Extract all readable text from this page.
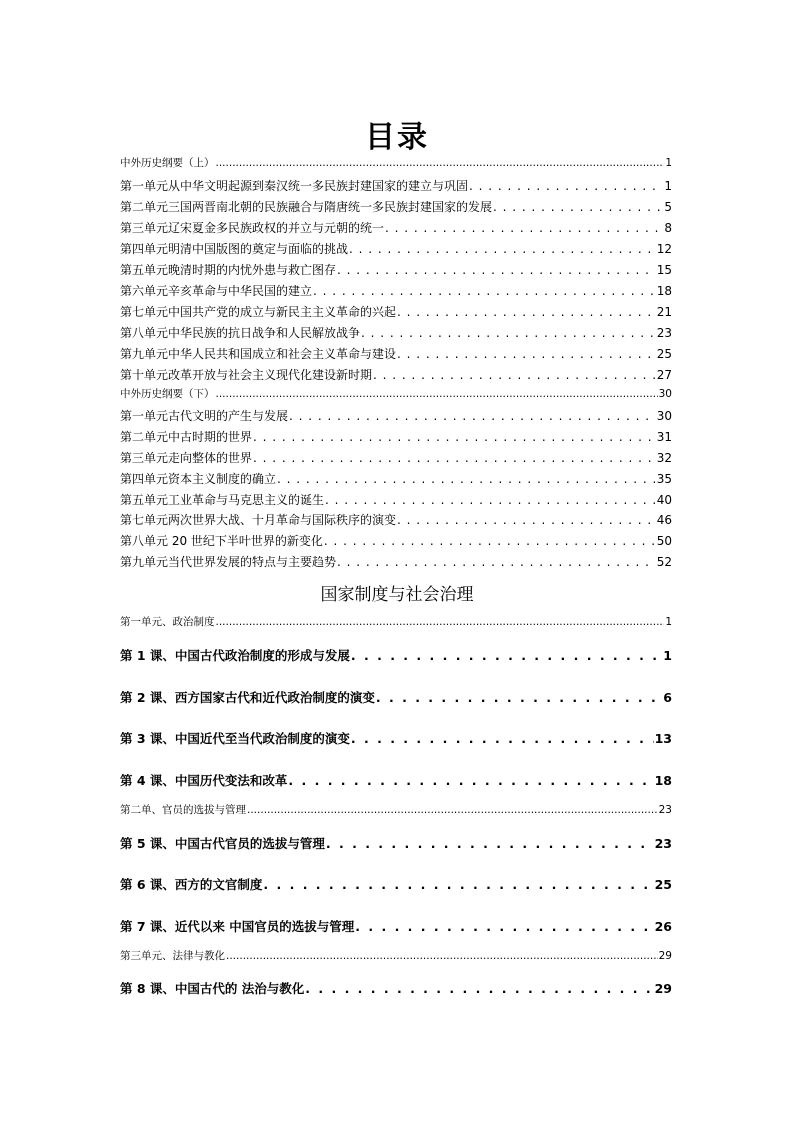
目录
中外历史纲要（上） .....	1
第一单元从中华文明起源到秦汉统一多民族封建国家的建立与巩固 . . .	1
第二单元三国两晋南北朝的民族融合与隋唐统一多民族封建国家的发展 . . .	5
第三单元辽宋夏金多民族政权的并立与元朝的统一 . . .	8
第四单元明清中国版图的奠定与面临的挑战 . . .	12
第五单元晚清时期的内忧外患与救亡图存 . . .	15
第六单元辛亥革命与中华民国的建立 . . .	18
第七单元中国共产党的成立与新民主主义革命的兴起 . . .	21
第八单元中华民族的抗日战争和人民解放战争 . . .	23
第九单元中华人民共和国成立和社会主义革命与建设 . . .	25
第十单元改革开放与社会主义现代化建设新时期 . . .	27
中外历史纲要（下） .....	30
第一单元古代文明的产生与发展 . . .	30
第二单元中古时期的世界 . . .	31
第三单元走向整体的世界 . . .	32
第四单元资本主义制度的确立 . . .	35
第五单元工业革命与马克思主义的诞生 . . .	40
第七单元两次世界大战、十月革命与国际秩序的演变 . . .	46
第八单元 20 世纪下半叶世界的新变化 . . .	50
第九单元当代世界发展的特点与主要趋势 . . .	52
国家制度与社会治理
第一单元、政治制度 .....	1
第 1 课、中国古代政治制度的形成与发展 . . .	1
第 2 课、西方国家古代和近代政治制度的演变 . . .	6
第 3 课、中国近代至当代政治制度的演变 . . .	13
第 4 课、中国历代变法和改革 . . .	18
第二单、官员的选拔与管理 .....	23
第 5 课、中国古代官员的选拔与管理 . . .	23
第 6 课、西方的文官制度 . . .	25
第 7 课、近代以来 中国官员的选拔与管理 . . .	26
第三单元、法律与教化 .....	29
第 8 课、中国古代的 法治与教化 . . .	29
